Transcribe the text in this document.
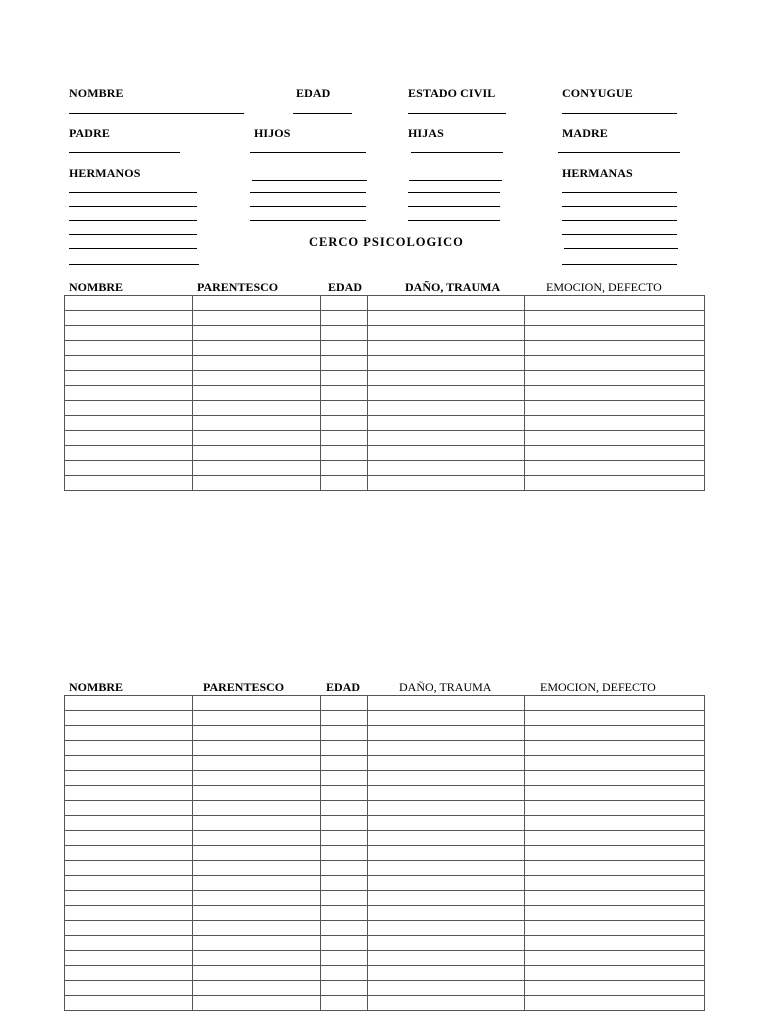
NOMBRE	EDAD	ESTADO CIVIL	CONYUGUE
PADRE	HIJOS	HIJAS	MADRE
HERMANOS	HERMANAS
CERCO PSICOLOGICO
NOMBRE	PARENTESCO	EDAD	DAÑO, TRAUMA	EMOCION, DEFECTO

NOMBRE	PARENTESCO	EDAD	DAÑO, TRAUMA	EMOCION, DEFECTO
